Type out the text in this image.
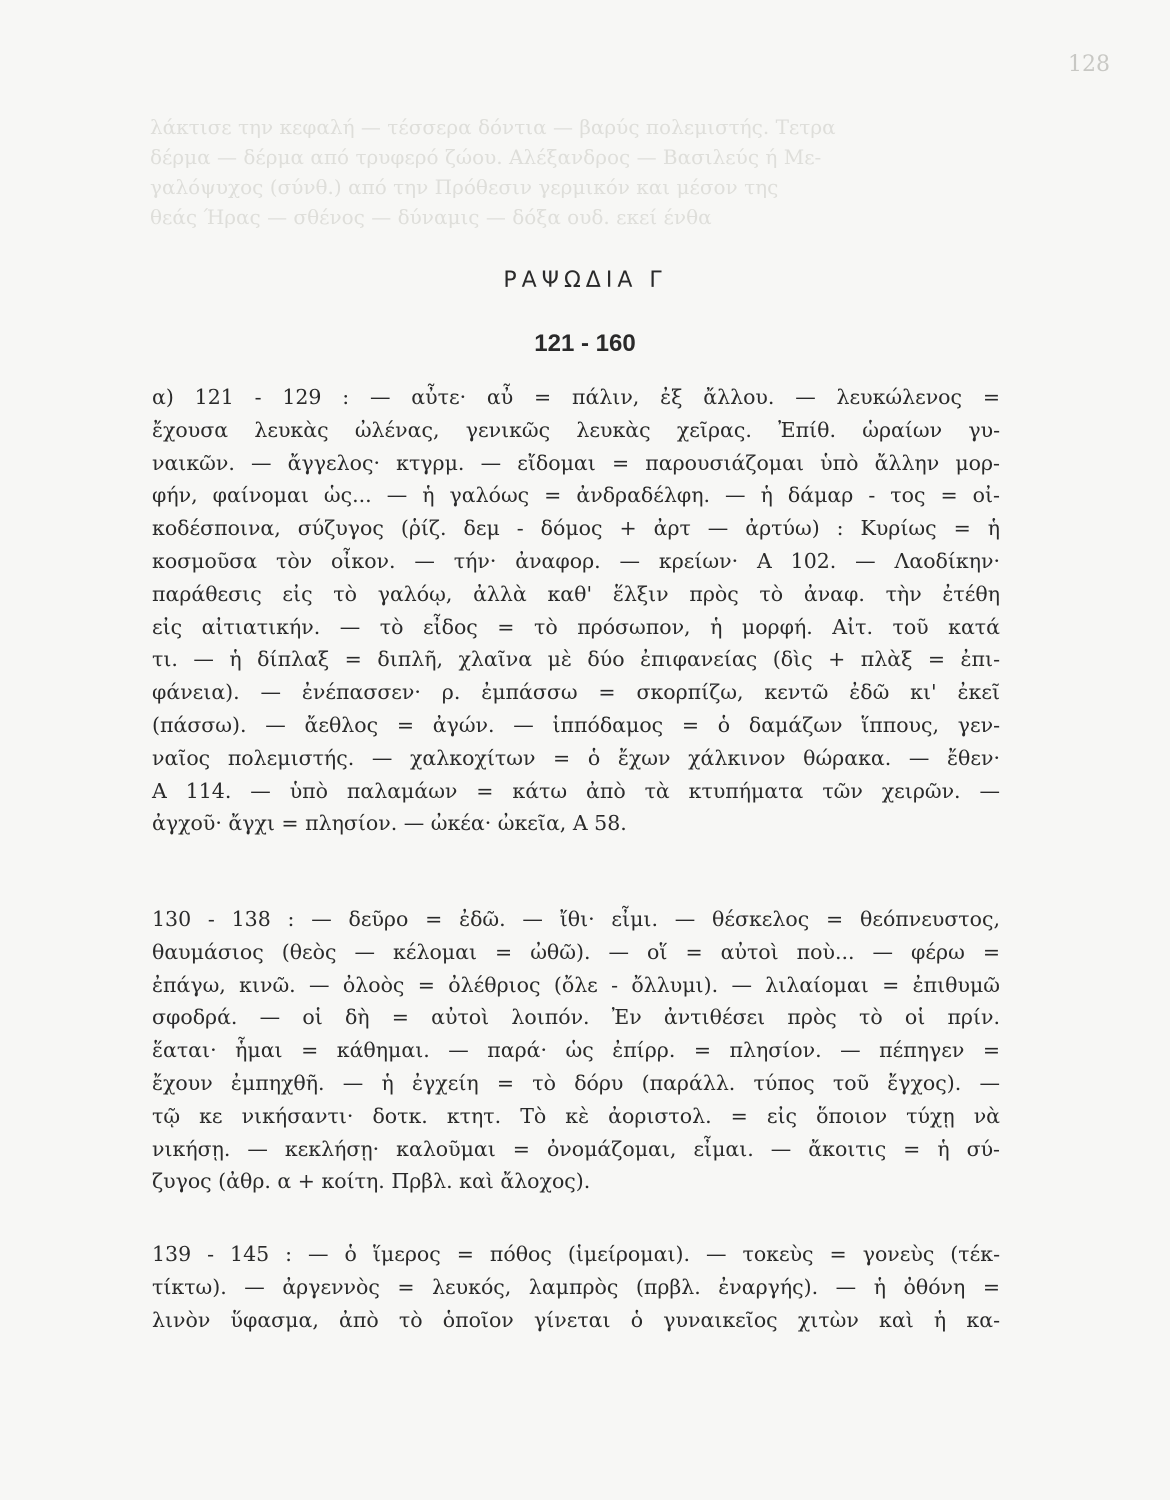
128
λάκτισε την κεφαλή — τέσσερα δόντια — βαρύς πολεμιστής. Τετρα
δέρμα — δέρμα από τρυφερό ζώου. Αλέξανδρος — Βασιλεύς ή Με-
γαλόψυχος (σύνθ.) από την Πρόθεσιν γερμικόν και μέσον της
θεάς Ήρας — σθένος — δύναμις — δόξα ουδ. εκεί ένθα
ΡΑΨΩΔΙΑ Γ
121 - 160
α) 121 - 129 : — αὖτε· αὖ = πάλιν, ἐξ ἄλλου. — λευκώλενος =
ἔχουσα λευκὰς ὠλένας, γενικῶς λευκὰς χεῖρας. Ἐπίθ. ὡραίων γυ-
ναικῶν. — ἄγγελος· κτγρμ. — εἴδομαι = παρουσιάζομαι ὑπὸ ἄλλην μορ-
φήν, φαίνομαι ὡς... — ἡ γαλόως = ἀνδραδέλφη. — ἡ δάμαρ - τος = οἰ-
κοδέσποινα, σύζυγος (ῥίζ. δεμ - δόμος + ἀρτ — ἀρτύω) : Κυρίως = ἡ
κοσμοῦσα τὸν οἶκον. — τήν· ἀναφορ. — κρείων· Α 102. — Λαοδίκην·
παράθεσις εἰς τὸ γαλόῳ, ἀλλὰ καθ' ἕλξιν πρὸς τὸ ἀναφ. τὴν ἐτέθη
εἰς αἰτιατικήν. — τὸ εἶδος = τὸ πρόσωπον, ἡ μορφή. Αἰτ. τοῦ κατά
τι. — ἡ δίπλαξ = διπλῆ, χλαῖνα μὲ δύο ἐπιφανείας (δὶς + πλὰξ = ἐπι-
φάνεια). — ἐνέπασσεν· ρ. ἐμπάσσω = σκορπίζω, κεντῶ ἐδῶ κι' ἐκεῖ
(πάσσω). — ἄεθλος = ἀγών. — ἱππόδαμος = ὁ δαμάζων ἵππους, γεν-
ναῖος πολεμιστής. — χαλκοχίτων = ὁ ἔχων χάλκινον θώρακα. — ἔθεν·
Α 114. — ὑπὸ παλαμάων = κάτω ἀπὸ τὰ κτυπήματα τῶν χειρῶν. —
ἀγχοῦ· ἄγχι = πλησίον. — ὠκέα· ὠκεῖα, Α 58.
130 - 138 : — δεῦρο = ἐδῶ. — ἴθι· εἶμι. — θέσκελος = θεόπνευστος,
θαυμάσιος (θεὸς — κέλομαι = ὠθῶ). — οἵ = αὐτοὶ ποὺ... — φέρω =
ἐπάγω, κινῶ. — ὀλοὸς = ὀλέθριος (ὄλε - ὄλλυμι). — λιλαίομαι = ἐπιθυμῶ
σφοδρά. — οἱ δὴ = αὐτοὶ λοιπόν. Ἐν ἀντιθέσει πρὸς τὸ οἱ πρίν.
ἕαται· ἧμαι = κάθημαι. — παρά· ὡς ἐπίρρ. = πλησίον. — πέπηγεν =
ἔχουν ἐμπηχθῆ. — ἡ ἐγχείη = τὸ δόρυ (παράλλ. τύπος τοῦ ἔγχος). —
τῷ κε νικήσαντι· δοτκ. κτητ. Τὸ κὲ ἀοριστολ. = εἰς ὅποιον τύχῃ νὰ
νικήσῃ. — κεκλήσῃ· καλοῦμαι = ὀνομάζομαι, εἶμαι. — ἄκοιτις = ἡ σύ-
ζυγος (ἀθρ. α + κοίτη. Πρβλ. καὶ ἄλοχος).
139 - 145 : — ὁ ἵμερος = πόθος (ἱμείρομαι). — τοκεὺς = γονεὺς (τέκ-
τίκτω). — ἀργεννὸς = λευκός, λαμπρὸς (πρβλ. ἐναργής). — ἡ ὀθόνη =
λινὸν ὕφασμα, ἀπὸ τὸ ὁποῖον γίνεται ὁ γυναικεῖος χιτὼν καὶ ἡ κα-
